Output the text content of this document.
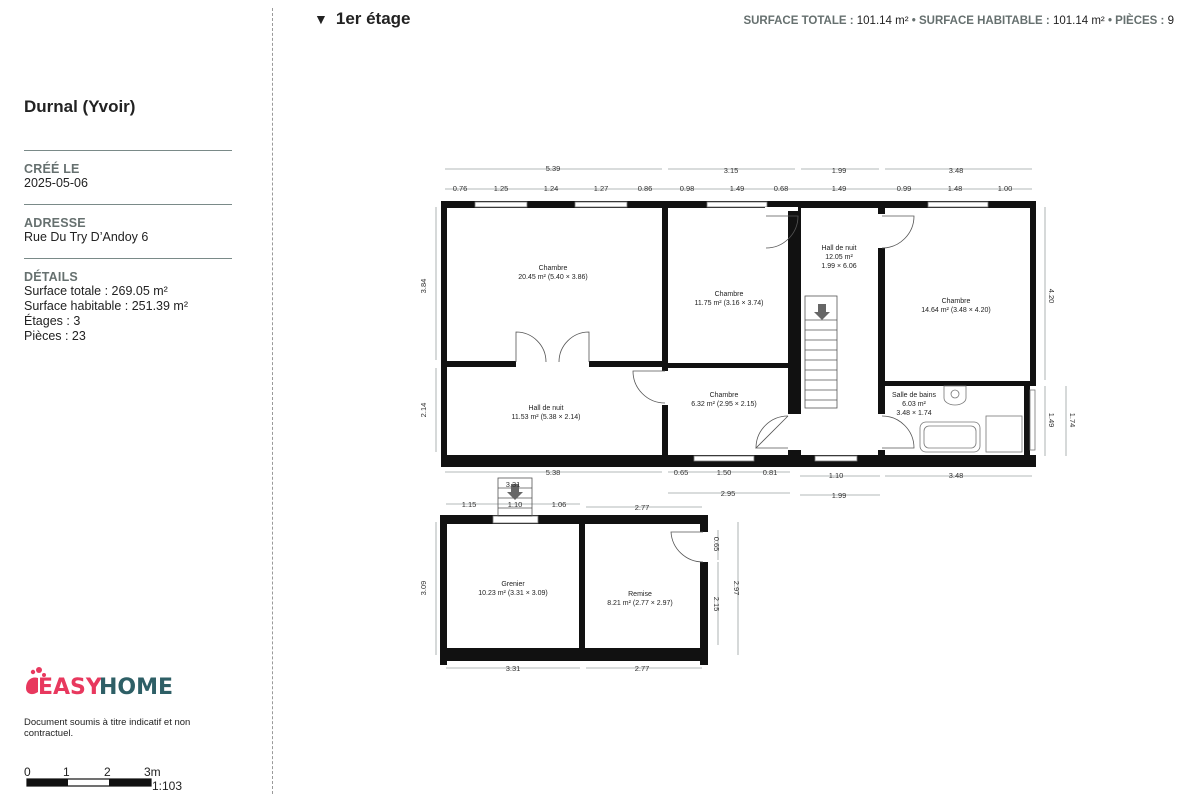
Durnal (Yvoir)
CRÉÉ LE
2025-05-06
ADRESSE
Rue Du Try D’Andoy 6
DÉTAILS
Surface totale : 269.05 m²
Surface habitable : 251.39 m²
Étages : 3
Pièces : 23
EASY
HOME
Document soumis à titre indicatif et non contractuel.
0	1	2	3m
1:103
▼ 1er étage	SURFACE TOTALE : 101.14 m² • SURFACE HABITABLE : 101.14 m² • PIÈCES : 9
Chambre
20.45 m² (5.40 × 3.86)
Chambre
11.75 m² (3.16 × 3.74)
Hall de nuit
12.05 m²
1.99 × 6.06
Chambre
14.64 m² (3.48 × 4.20)
Hall de nuit
11.53 m² (5.38 × 2.14)
Chambre
6.32 m² (2.95 × 2.15)
Salle de bains
6.03 m²
3.48 × 1.74
Grenier
10.23 m² (3.31 × 3.09)	Remise
8.21 m² (2.77 × 2.97)
5.39	3.15	1.99	3.48
0.76	1.25	1.24	1.27	0.86	0.98	1.49	0.68	1.49	0.99	1.48	1.00
3.84
2.14
4.20
1.49 1.74
5.38	0.65	1.50	0.81
2.95
1.10
1.99
3.48
1.15	1.10	1.06	2.77
3.31
3.09
0.65
2.15
2.97
3.31	2.77
